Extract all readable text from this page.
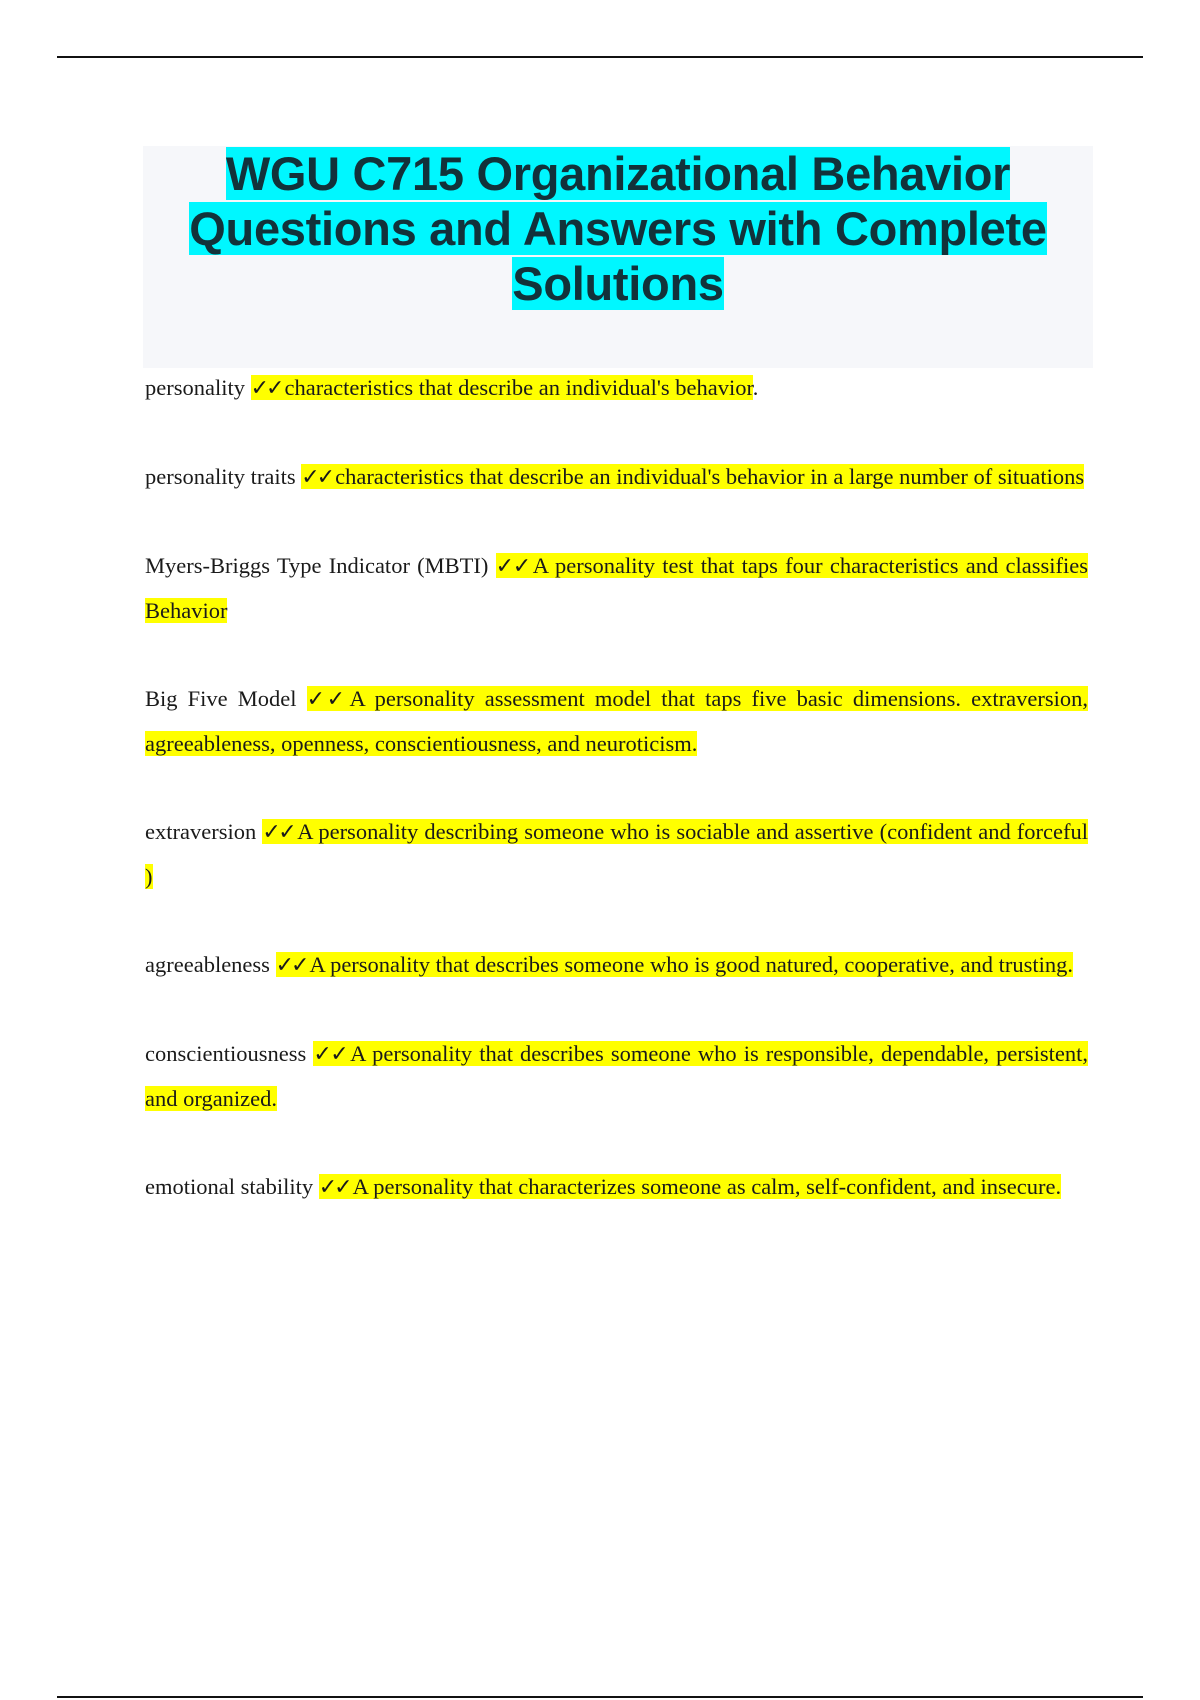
WGU C715 Organizational Behavior Questions and Answers with Complete Solutions

personality ✓✓ characteristics that describe an individual's behavior.

personality traits ✓✓ characteristics that describe an individual's behavior in a large number of situations

Myers-Briggs Type Indicator (MBTI) ✓✓ A personality test that taps four characteristics and classifies Behavior

Big Five Model ✓✓ A personality assessment model that taps five basic dimensions. extraversion, agreeableness, openness, conscientiousness, and neuroticism.

extraversion ✓✓ A personality describing someone who is sociable and assertive (confident and forceful )

agreeableness ✓✓ A personality that describes someone who is good natured, cooperative, and trusting.

conscientiousness ✓✓ A personality that describes someone who is responsible, dependable, persistent, and organized.

emotional stability ✓✓ A personality that characterizes someone as calm, self-confident, and insecure.
